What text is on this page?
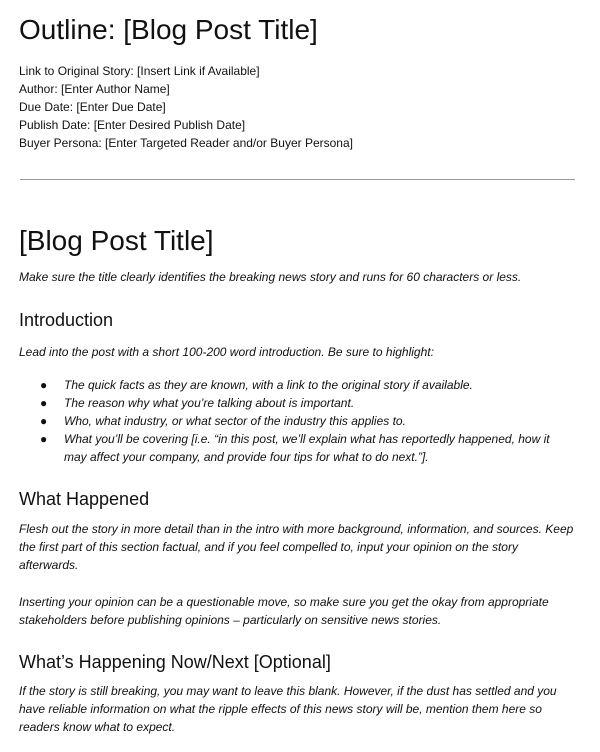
Outline: [Blog Post Title]
Link to Original Story: [Insert Link if Available]
Author: [Enter Author Name]
Due Date: [Enter Due Date]
Publish Date: [Enter Desired Publish Date]
Buyer Persona: [Enter Targeted Reader and/or Buyer Persona]
[Blog Post Title]

Make sure the title clearly identifies the breaking news story and runs for 60 characters or less.

Introduction

Lead into the post with a short 100-200 word introduction. Be sure to highlight:

● The quick facts as they are known, with a link to the original story if available.
● The reason why what you’re talking about is important.
● Who, what industry, or what sector of the industry this applies to.
● What you’ll be covering [i.e. “in this post, we’ll explain what has reportedly happened, how it may affect your company, and provide four tips for what to do next.”].
What Happened

Flesh out the story in more detail than in the intro with more background, information, and sources. Keep the first part of this section factual, and if you feel compelled to, input your opinion on the story afterwards.

Inserting your opinion can be a questionable move, so make sure you get the okay from appropriate stakeholders before publishing opinions – particularly on sensitive news stories.

What’s Happening Now/Next [Optional]

If the story is still breaking, you may want to leave this blank. However, if the dust has settled and you have reliable information on what the ripple effects of this news story will be, mention them here so readers know what to expect.
